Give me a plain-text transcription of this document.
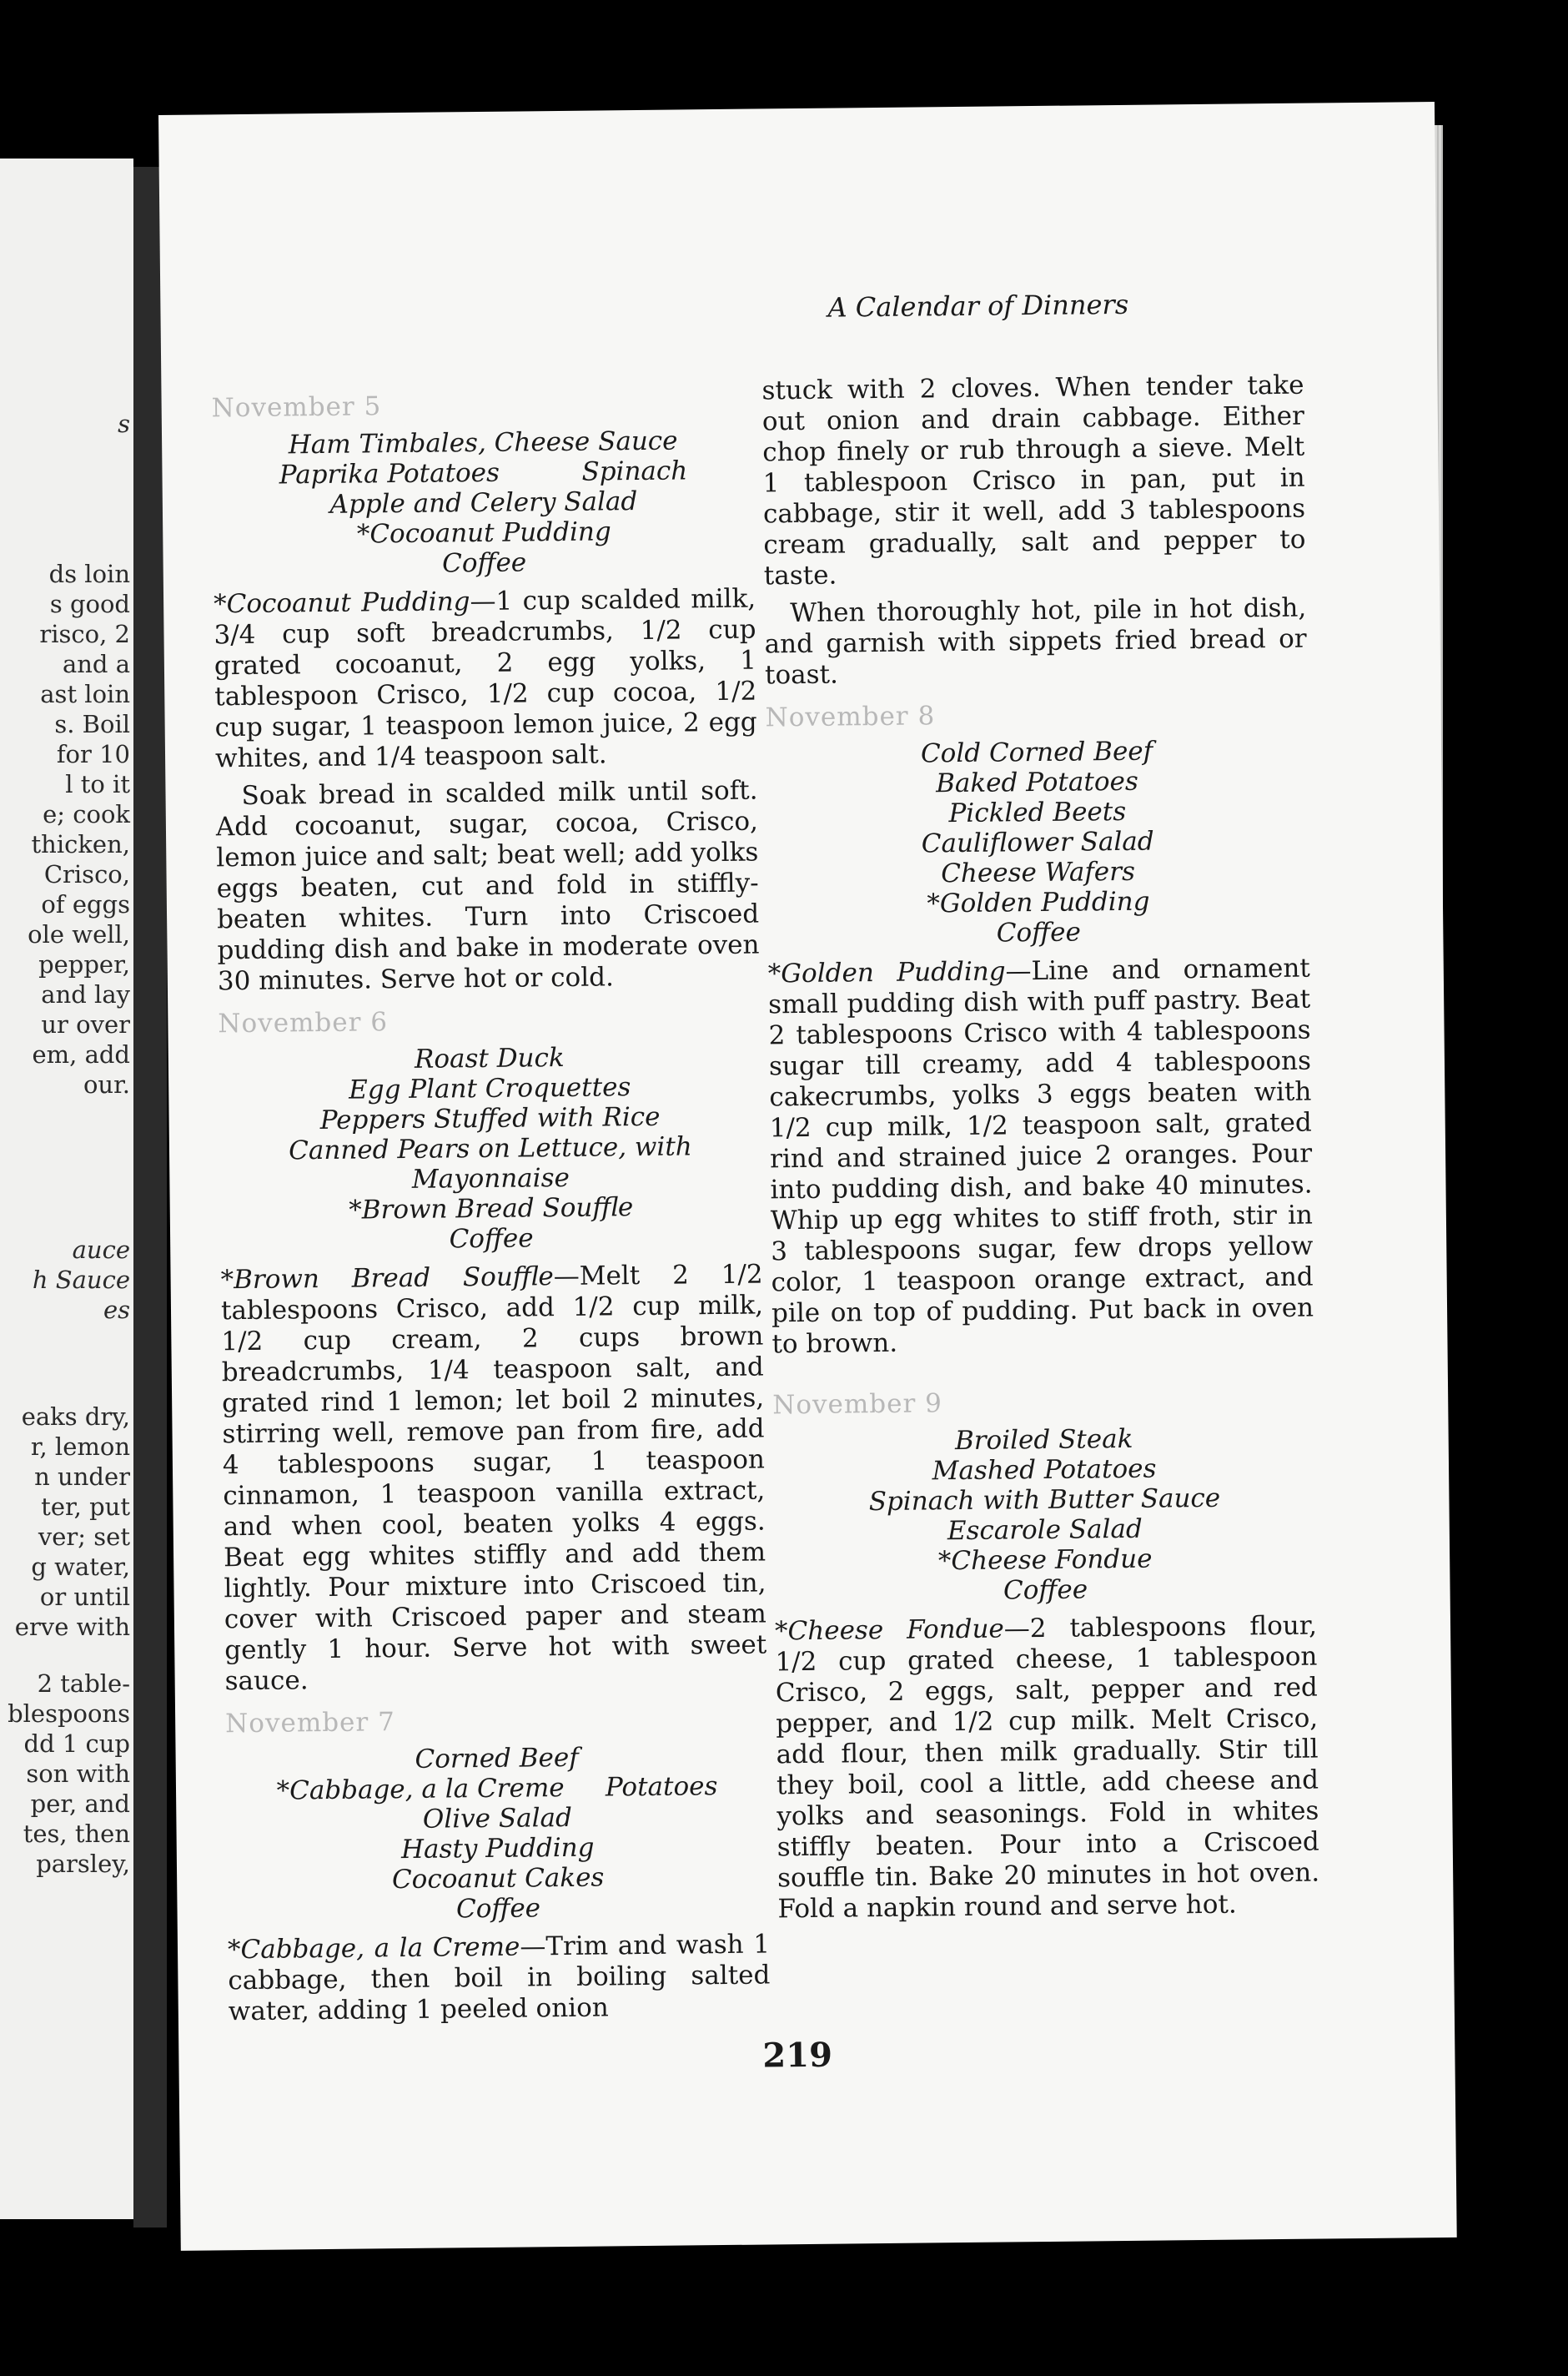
s
ds loin
s good
risco, 2
and a
ast loin
s. Boil
for 10
l to it
e; cook
thicken,
Crisco,
of eggs
ole well,
pepper,
and lay
ur over
em, add
our.
auce
h Sauce
es
eaks dry,
r, lemon
n under
ter, put
ver; set
g water,
or until
erve with
2 table-
blespoons
dd 1 cup
son with
per, and
tes, then
parsley,
A Calendar of Dinners
November 5
Ham Timbales, Cheese Sauce
Paprika Potatoes          Spinach
Apple and Celery Salad
*Cocoanut Pudding
Coffee

*Cocoanut Pudding—1 cup scalded milk, 3/4 cup soft breadcrumbs, 1/2 cup grated cocoanut, 2 egg yolks, 1 tablespoon Crisco, 1/2 cup cocoa, 1/2 cup sugar, 1 teaspoon lemon juice, 2 egg whites, and 1/4 teaspoon salt.

Soak bread in scalded milk until soft. Add cocoanut, sugar, cocoa, Crisco, lemon juice and salt; beat well; add yolks eggs beaten, cut and fold in stiffly-beaten whites. Turn into Criscoed pudding dish and bake in moderate oven 30 minutes. Serve hot or cold.

November 6
Roast Duck
Egg Plant Croquettes
Peppers Stuffed with Rice
Canned Pears on Lettuce, with
Mayonnaise
*Brown Bread Souffle
Coffee

*Brown Bread Souffle—Melt 2 1/2 tablespoons Crisco, add 1/2 cup milk, 1/2 cup cream, 2 cups brown breadcrumbs, 1/4 teaspoon salt, and grated rind 1 lemon; let boil 2 minutes, stirring well, remove pan from fire, add 4 tablespoons sugar, 1 teaspoon cinnamon, 1 teaspoon vanilla extract, and when cool, beaten yolks 4 eggs. Beat egg whites stiffly and add them lightly. Pour mixture into Criscoed tin, cover with Criscoed paper and steam gently 1 hour. Serve hot with sweet sauce.

November 7
Corned Beef
*Cabbage, a la Creme     Potatoes
Olive Salad
Hasty Pudding
Cocoanut Cakes
Coffee

*Cabbage, a la Creme—Trim and wash 1 cabbage, then boil in boiling salted water, adding 1 peeled onion

stuck with 2 cloves. When tender take out onion and drain cabbage. Either chop finely or rub through a sieve. Melt 1 tablespoon Crisco in pan, put in cabbage, stir it well, add 3 tablespoons cream gradually, salt and pepper to taste.

When thoroughly hot, pile in hot dish, and garnish with sippets fried bread or toast.

November 8
Cold Corned Beef
Baked Potatoes
Pickled Beets
Cauliflower Salad
Cheese Wafers
*Golden Pudding
Coffee

*Golden Pudding—Line and ornament small pudding dish with puff pastry. Beat 2 tablespoons Crisco with 4 tablespoons sugar till creamy, add 4 tablespoons cakecrumbs, yolks 3 eggs beaten with 1/2 cup milk, 1/2 teaspoon salt, grated rind and strained juice 2 oranges. Pour into pudding dish, and bake 40 minutes. Whip up egg whites to stiff froth, stir in 3 tablespoons sugar, few drops yellow color, 1 teaspoon orange extract, and pile on top of pudding. Put back in oven to brown.

November 9
Broiled Steak
Mashed Potatoes
Spinach with Butter Sauce
Escarole Salad
*Cheese Fondue
Coffee

*Cheese Fondue—2 tablespoons flour, 1/2 cup grated cheese, 1 tablespoon Crisco, 2 eggs, salt, pepper and red pepper, and 1/2 cup milk. Melt Crisco, add flour, then milk gradually. Stir till they boil, cool a little, add cheese and yolks and seasonings. Fold in whites stiffly beaten. Pour into a Criscoed souffle tin. Bake 20 minutes in hot oven. Fold a napkin round and serve hot.

219
